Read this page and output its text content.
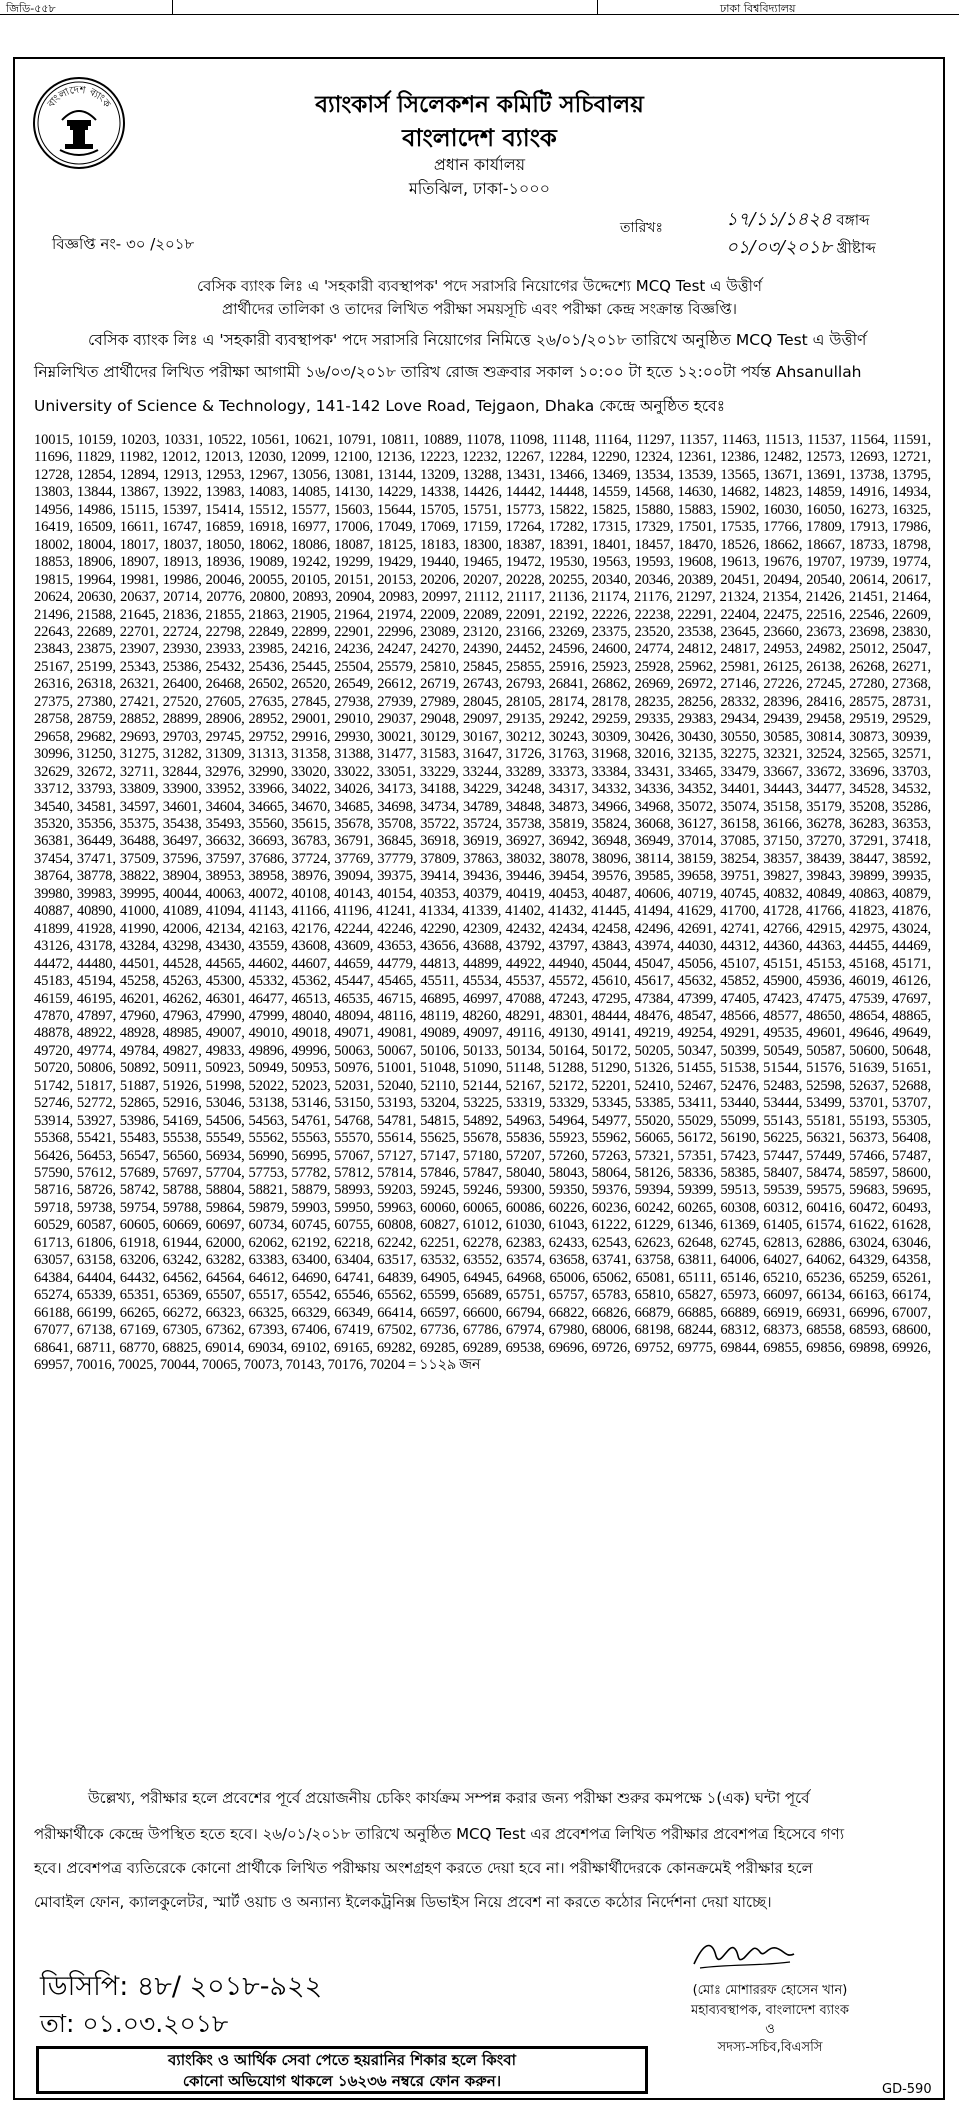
জিডি-৫৫৮	ঢাকা বিশ্ববিদ্যালয়
বাংলাদেশ ব্যাংক	ব্যাংকার্স সিলেকশন কমিটি সচিবালয়
বাংলাদেশ ব্যাংক
প্রধান কার্যালয়
মতিঝিল, ঢাকা-১০০০
বিজ্ঞপ্তি নং- ৩০ /২০১৮
তারিখঃ	১৭/১১/১৪২৪ বঙ্গাব্দ
০১/০৩/২০১৮ খ্রীষ্টাব্দ
বেসিক ব্যাংক লিঃ এ 'সহকারী ব্যবস্থাপক' পদে সরাসরি নিয়োগের উদ্দেশ্যে MCQ Test এ উত্তীর্ণ
প্রার্থীদের তালিকা ও তাদের লিখিত পরীক্ষা সময়সূচি এবং পরীক্ষা কেন্দ্র সংক্রান্ত বিজ্ঞপ্তি।
বেসিক ব্যাংক লিঃ এ 'সহকারী ব্যবস্থাপক' পদে সরাসরি নিয়োগের নিমিত্তে ২৬/০১/২০১৮ তারিখে অনুষ্ঠিত MCQ Test এ উত্তীর্ণ
নিম্নলিখিত প্রার্থীদের লিখিত পরীক্ষা আগামী ১৬/০৩/২০১৮ তারিখ রোজ শুক্রবার সকাল ১০:০০ টা হতে ১২:০০টা পর্যন্ত Ahsanullah
University of Science & Technology, 141-142 Love Road, Tejgaon, Dhaka কেন্দ্রে অনুষ্ঠিত হবেঃ
10015, 10159, 10203, 10331, 10522, 10561, 10621, 10791, 10811, 10889, 11078, 11098, 11148, 11164, 11297, 11357, 11463, 11513, 11537, 11564, 11591, 11696, 11829, 11982, 12012, 12013, 12030, 12099, 12100, 12136, 12223, 12232, 12267, 12284, 12290, 12324, 12361, 12386, 12482, 12573, 12693, 12721, 12728, 12854, 12894, 12913, 12953, 12967, 13056, 13081, 13144, 13209, 13288, 13431, 13466, 13469, 13534, 13539, 13565, 13671, 13691, 13738, 13795, 13803, 13844, 13867, 13922, 13983, 14083, 14085, 14130, 14229, 14338, 14426, 14442, 14448, 14559, 14568, 14630, 14682, 14823, 14859, 14916, 14934, 14956, 14986, 15115, 15397, 15414, 15512, 15577, 15603, 15644, 15705, 15751, 15773, 15822, 15825, 15880, 15883, 15902, 16030, 16050, 16273, 16325, 16419, 16509, 16611, 16747, 16859, 16918, 16977, 17006, 17049, 17069, 17159, 17264, 17282, 17315, 17329, 17501, 17535, 17766, 17809, 17913, 17986, 18002, 18004, 18017, 18037, 18050, 18062, 18086, 18087, 18125, 18183, 18300, 18387, 18391, 18401, 18457, 18470, 18526, 18662, 18667, 18733, 18798, 18853, 18906, 18907, 18913, 18936, 19089, 19242, 19299, 19429, 19440, 19465, 19472, 19530, 19563, 19593, 19608, 19613, 19676, 19707, 19739, 19774, 19815, 19964, 19981, 19986, 20046, 20055, 20105, 20151, 20153, 20206, 20207, 20228, 20255, 20340, 20346, 20389, 20451, 20494, 20540, 20614, 20617, 20624, 20630, 20637, 20714, 20776, 20800, 20893, 20904, 20983, 20997, 21112, 21117, 21136, 21174, 21176, 21297, 21324, 21354, 21426, 21451, 21464, 21496, 21588, 21645, 21836, 21855, 21863, 21905, 21964, 21974, 22009, 22089, 22091, 22192, 22226, 22238, 22291, 22404, 22475, 22516, 22546, 22609, 22643, 22689, 22701, 22724, 22798, 22849, 22899, 22901, 22996, 23089, 23120, 23166, 23269, 23375, 23520, 23538, 23645, 23660, 23673, 23698, 23830, 23843, 23875, 23907, 23930, 23933, 23985, 24216, 24236, 24247, 24270, 24390, 24452, 24596, 24600, 24774, 24812, 24817, 24953, 24982, 25012, 25047, 25167, 25199, 25343, 25386, 25432, 25436, 25445, 25504, 25579, 25810, 25845, 25855, 25916, 25923, 25928, 25962, 25981, 26125, 26138, 26268, 26271, 26316, 26318, 26321, 26400, 26468, 26502, 26520, 26549, 26612, 26719, 26743, 26793, 26841, 26862, 26969, 26972, 27146, 27226, 27245, 27280, 27368, 27375, 27380, 27421, 27520, 27605, 27635, 27845, 27938, 27939, 27989, 28045, 28105, 28174, 28178, 28235, 28256, 28332, 28396, 28416, 28575, 28731, 28758, 28759, 28852, 28899, 28906, 28952, 29001, 29010, 29037, 29048, 29097, 29135, 29242, 29259, 29335, 29383, 29434, 29439, 29458, 29519, 29529, 29658, 29682, 29693, 29703, 29745, 29752, 29916, 29930, 30021, 30129, 30167, 30212, 30243, 30309, 30426, 30430, 30550, 30585, 30814, 30873, 30939, 30996, 31250, 31275, 31282, 31309, 31313, 31358, 31388, 31477, 31583, 31647, 31726, 31763, 31968, 32016, 32135, 32275, 32321, 32524, 32565, 32571, 32629, 32672, 32711, 32844, 32976, 32990, 33020, 33022, 33051, 33229, 33244, 33289, 33373, 33384, 33431, 33465, 33479, 33667, 33672, 33696, 33703, 33712, 33793, 33809, 33900, 33952, 33966, 34022, 34026, 34173, 34188, 34229, 34248, 34317, 34332, 34336, 34352, 34401, 34443, 34477, 34528, 34532, 34540, 34581, 34597, 34601, 34604, 34665, 34670, 34685, 34698, 34734, 34789, 34848, 34873, 34966, 34968, 35072, 35074, 35158, 35179, 35208, 35286, 35320, 35356, 35375, 35438, 35493, 35560, 35615, 35678, 35708, 35722, 35724, 35738, 35819, 35824, 36068, 36127, 36158, 36166, 36278, 36283, 36353, 36381, 36449, 36488, 36497, 36632, 36693, 36783, 36791, 36845, 36918, 36919, 36927, 36942, 36948, 36949, 37014, 37085, 37150, 37270, 37291, 37418, 37454, 37471, 37509, 37596, 37597, 37686, 37724, 37769, 37779, 37809, 37863, 38032, 38078, 38096, 38114, 38159, 38254, 38357, 38439, 38447, 38592, 38764, 38778, 38822, 38904, 38953, 38958, 38976, 39094, 39375, 39414, 39436, 39446, 39454, 39576, 39585, 39658, 39751, 39827, 39843, 39899, 39935, 39980, 39983, 39995, 40044, 40063, 40072, 40108, 40143, 40154, 40353, 40379, 40419, 40453, 40487, 40606, 40719, 40745, 40832, 40849, 40863, 40879, 40887, 40890, 41000, 41089, 41094, 41143, 41166, 41196, 41241, 41334, 41339, 41402, 41432, 41445, 41494, 41629, 41700, 41728, 41766, 41823, 41876, 41899, 41928, 41990, 42006, 42134, 42163, 42176, 42244, 42246, 42290, 42309, 42432, 42434, 42458, 42496, 42691, 42741, 42766, 42915, 42975, 43024, 43126, 43178, 43284, 43298, 43430, 43559, 43608, 43609, 43653, 43656, 43688, 43792, 43797, 43843, 43974, 44030, 44312, 44360, 44363, 44455, 44469, 44472, 44480, 44501, 44528, 44565, 44602, 44607, 44659, 44779, 44813, 44899, 44922, 44940, 45044, 45047, 45056, 45107, 45151, 45153, 45168, 45171, 45183, 45194, 45258, 45263, 45300, 45332, 45362, 45447, 45465, 45511, 45534, 45537, 45572, 45610, 45617, 45632, 45852, 45900, 45936, 46019, 46126, 46159, 46195, 46201, 46262, 46301, 46477, 46513, 46535, 46715, 46895, 46997, 47088, 47243, 47295, 47384, 47399, 47405, 47423, 47475, 47539, 47697, 47870, 47897, 47960, 47963, 47990, 47999, 48040, 48094, 48116, 48119, 48260, 48291, 48301, 48444, 48476, 48547, 48566, 48577, 48650, 48654, 48865, 48878, 48922, 48928, 48985, 49007, 49010, 49018, 49071, 49081, 49089, 49097, 49116, 49130, 49141, 49219, 49254, 49291, 49535, 49601, 49646, 49649, 49720, 49774, 49784, 49827, 49833, 49896, 49996, 50063, 50067, 50106, 50133, 50134, 50164, 50172, 50205, 50347, 50399, 50549, 50587, 50600, 50648, 50720, 50806, 50892, 50911, 50923, 50949, 50953, 50976, 51001, 51048, 51090, 51148, 51288, 51290, 51326, 51455, 51538, 51544, 51576, 51639, 51651, 51742, 51817, 51887, 51926, 51998, 52022, 52023, 52031, 52040, 52110, 52144, 52167, 52172, 52201, 52410, 52467, 52476, 52483, 52598, 52637, 52688, 52746, 52772, 52865, 52916, 53046, 53138, 53146, 53150, 53193, 53204, 53225, 53319, 53329, 53345, 53385, 53411, 53440, 53444, 53499, 53701, 53707, 53914, 53927, 53986, 54169, 54506, 54563, 54761, 54768, 54781, 54815, 54892, 54963, 54964, 54977, 55020, 55029, 55099, 55143, 55181, 55193, 55305, 55368, 55421, 55483, 55538, 55549, 55562, 55563, 55570, 55614, 55625, 55678, 55836, 55923, 55962, 56065, 56172, 56190, 56225, 56321, 56373, 56408, 56426, 56453, 56547, 56560, 56934, 56990, 56995, 57067, 57127, 57147, 57180, 57207, 57260, 57263, 57321, 57351, 57423, 57447, 57449, 57466, 57487, 57590, 57612, 57689, 57697, 57704, 57753, 57782, 57812, 57814, 57846, 57847, 58040, 58043, 58064, 58126, 58336, 58385, 58407, 58474, 58597, 58600, 58716, 58726, 58742, 58788, 58804, 58821, 58879, 58993, 59203, 59245, 59246, 59300, 59350, 59376, 59394, 59399, 59513, 59539, 59575, 59683, 59695, 59718, 59738, 59754, 59788, 59864, 59879, 59903, 59950, 59963, 60060, 60065, 60086, 60226, 60236, 60242, 60265, 60308, 60312, 60416, 60472, 60493, 60529, 60587, 60605, 60669, 60697, 60734, 60745, 60755, 60808, 60827, 61012, 61030, 61043, 61222, 61229, 61346, 61369, 61405, 61574, 61622, 61628, 61713, 61806, 61918, 61944, 62000, 62062, 62192, 62218, 62242, 62251, 62278, 62383, 62433, 62543, 62623, 62648, 62745, 62813, 62886, 63024, 63046, 63057, 63158, 63206, 63242, 63282, 63383, 63400, 63404, 63517, 63532, 63552, 63574, 63658, 63741, 63758, 63811, 64006, 64027, 64062, 64329, 64358, 64384, 64404, 64432, 64562, 64564, 64612, 64690, 64741, 64839, 64905, 64945, 64968, 65006, 65062, 65081, 65111, 65146, 65210, 65236, 65259, 65261, 65274, 65339, 65351, 65369, 65507, 65517, 65542, 65546, 65562, 65599, 65689, 65751, 65757, 65783, 65810, 65827, 65973, 66097, 66134, 66163, 66174, 66188, 66199, 66265, 66272, 66323, 66325, 66329, 66349, 66414, 66597, 66600, 66794, 66822, 66826, 66879, 66885, 66889, 66919, 66931, 66996, 67007, 67077, 67138, 67169, 67305, 67362, 67393, 67406, 67419, 67502, 67736, 67786, 67974, 67980, 68006, 68198, 68244, 68312, 68373, 68558, 68593, 68600, 68641, 68711, 68770, 68825, 69014, 69034, 69102, 69165, 69282, 69285, 69289, 69538, 69696, 69726, 69752, 69775, 69844, 69855, 69856, 69898, 69926, 69957, 70016, 70025, 70044, 70065, 70073, 70143, 70176, 70204 = ১১২৯ জন
উল্লেখ্য, পরীক্ষার হলে প্রবেশের পূর্বে প্রয়োজনীয় চেকিং কার্যক্রম সম্পন্ন করার জন্য পরীক্ষা শুরুর কমপক্ষে ১(এক) ঘন্টা পূর্বে
পরীক্ষার্থীকে কেন্দ্রে উপস্থিত হতে হবে। ২৬/০১/২০১৮ তারিখে অনুষ্ঠিত MCQ Test এর প্রবেশপত্র লিখিত পরীক্ষার প্রবেশপত্র হিসেবে গণ্য
হবে। প্রবেশপত্র ব্যতিরেকে কোনো প্রার্থীকে লিখিত পরীক্ষায় অংশগ্রহণ করতে দেয়া হবে না। পরীক্ষার্থীদেরকে কোনক্রমেই পরীক্ষার হলে
মোবাইল ফোন, ক্যালকুলেটর, স্মার্ট ওয়াচ ও অন্যান্য ইলেকট্রনিক্স ডিভাইস নিয়ে প্রবেশ না করতে কঠোর নির্দেশনা দেয়া যাচ্ছে।
ডিসিপি: ৪৮/ ২০১৮-৯২২
তা: ০১.০৩.২০১৮
(মোঃ মোশাররফ হোসেন খান)
মহাব্যবস্থাপক, বাংলাদেশ ব্যাংক
ও
সদস্য-সচিব,বিএসসি
ব্যাংকিং ও আর্থিক সেবা পেতে হয়রানির শিকার হলে কিংবা
কোনো অভিযোগ থাকলে ১৬২৩৬ নম্বরে ফোন করুন।	GD-590
